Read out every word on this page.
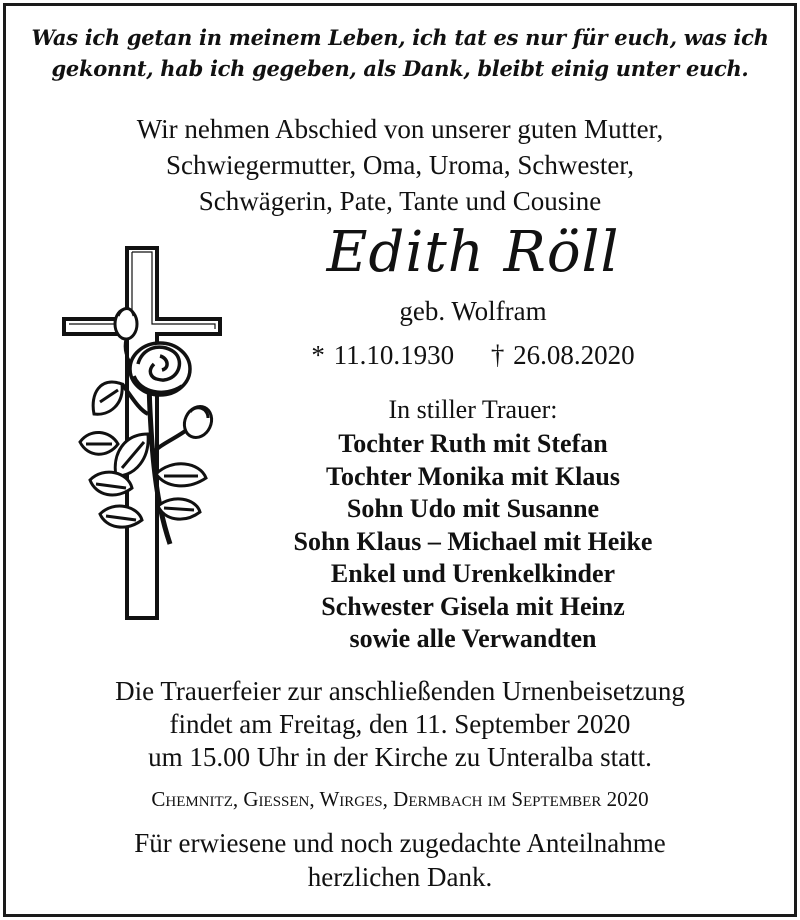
Was ich getan in meinem Leben, ich tat es nur für euch, was ich
gekonnt, hab ich gegeben, als Dank, bleibt einig unter euch.
Wir nehmen Abschied von unserer guten Mutter,
Schwiegermutter, Oma, Uroma, Schwester,
Schwägerin, Pate, Tante und Cousine
Edith Röll
geb. Wolfram
* 11.10.1930 † 26.08.2020
In stiller Trauer:
Tochter Ruth mit Stefan
Tochter Monika mit Klaus
Sohn Udo mit Susanne
Sohn Klaus – Michael mit Heike
Enkel und Urenkelkinder
Schwester Gisela mit Heinz
sowie alle Verwandten
Die Trauerfeier zur anschließenden Urnenbeisetzung
findet am Freitag, den 11. September 2020
um 15.00 Uhr in der Kirche zu Unteralba statt.
Chemnitz, Gießen, Wirges, Dermbach im September 2020
Für erwiesene und noch zugedachte Anteilnahme
herzlichen Dank.
